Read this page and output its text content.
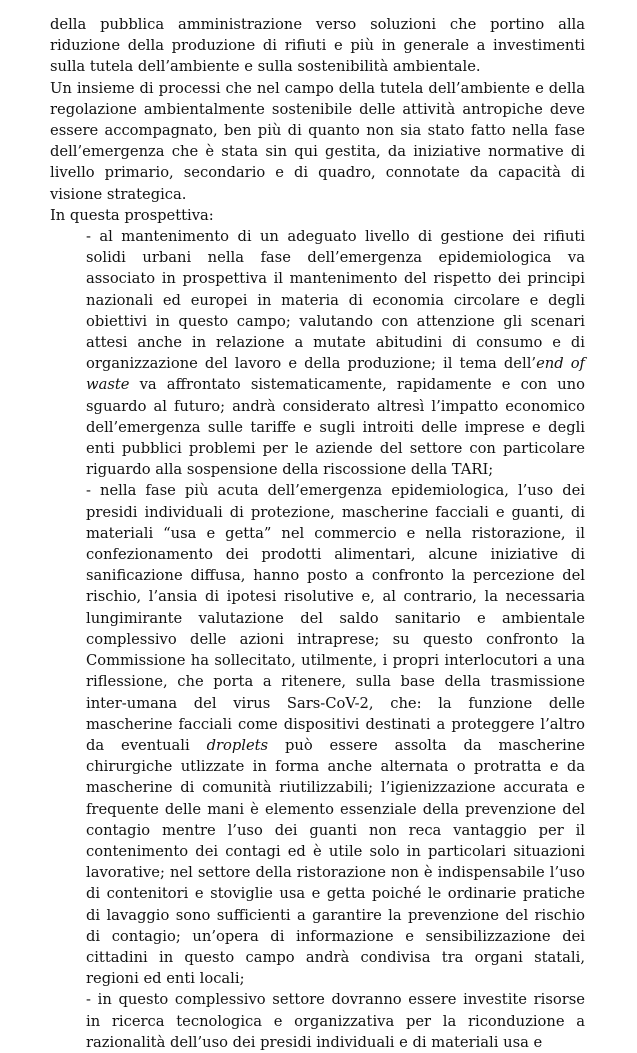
della pubblica amministrazione verso soluzioni che portino alla riduzione della produzione di rifiuti e più in generale a investimenti sulla tutela dell’ambiente e sulla sostenibilità ambientale.

Un insieme di processi che nel campo della tutela dell’ambiente e della regolazione ambientalmente sostenibile delle attività antropiche deve essere accompagnato, ben più di quanto non sia stato fatto nella fase dell’emergenza che è stata sin qui gestita, da iniziative normative di livello primario, secondario e di quadro, connotate da capacità di visione strategica.

In questa prospettiva:

- al mantenimento di un adeguato livello di gestione dei rifiuti solidi urbani nella fase dell’emergenza epidemiologica va associato in prospettiva il mantenimento del rispetto dei principi nazionali ed europei in materia di economia circolare e degli obiettivi in questo campo; valutando con attenzione gli scenari attesi anche in relazione a mutate abitudini di consumo e di organizzazione del lavoro e della produzione; il tema dell’end of waste va affrontato sistematicamente, rapidamente e con uno sguardo al futuro; andrà considerato altresì l’impatto economico dell’emergenza sulle tariffe e sugli introiti delle imprese e degli enti pubblici problemi per le aziende del settore con particolare riguardo alla sospensione della riscossione della TARI;
- nella fase più acuta dell’emergenza epidemiologica, l’uso dei presidi individuali di protezione, mascherine facciali e guanti, di materiali “usa e getta” nel commercio e nella ristorazione, il confezionamento dei prodotti alimentari, alcune iniziative di sanificazione diffusa, hanno posto a confronto la percezione del rischio, l’ansia di ipotesi risolutive e, al contrario, la necessaria lungimirante valutazione del saldo sanitario e ambientale complessivo delle azioni intraprese; su questo confronto la Commissione ha sollecitato, utilmente, i propri interlocutori a una riflessione, che porta a ritenere, sulla base della trasmissione inter-umana del virus Sars-CoV-2, che: la funzione delle mascherine facciali come dispositivi destinati a proteggere l’altro da eventuali droplets può essere assolta da mascherine chirurgiche utlizzate in forma anche alternata o protratta e da mascherine di comunità riutilizzabili; l’igienizzazione accurata e frequente delle mani è elemento essenziale della prevenzione del contagio mentre l’uso dei guanti non reca vantaggio per il contenimento dei contagi ed è utile solo in particolari situazioni lavorative; nel settore della ristorazione non è indispensabile l’uso di contenitori e stoviglie usa e getta poiché le ordinarie pratiche di lavaggio sono sufficienti a garantire la prevenzione del rischio di contagio; un’opera di informazione e sensibilizzazione dei cittadini in questo campo andrà condivisa tra organi statali, regioni ed enti locali;
- in questo complessivo settore dovranno essere investite risorse in ricerca tecnologica e organizzativa per la riconduzione a razionalità dell’uso dei presidi individuali e di materiali usa e
